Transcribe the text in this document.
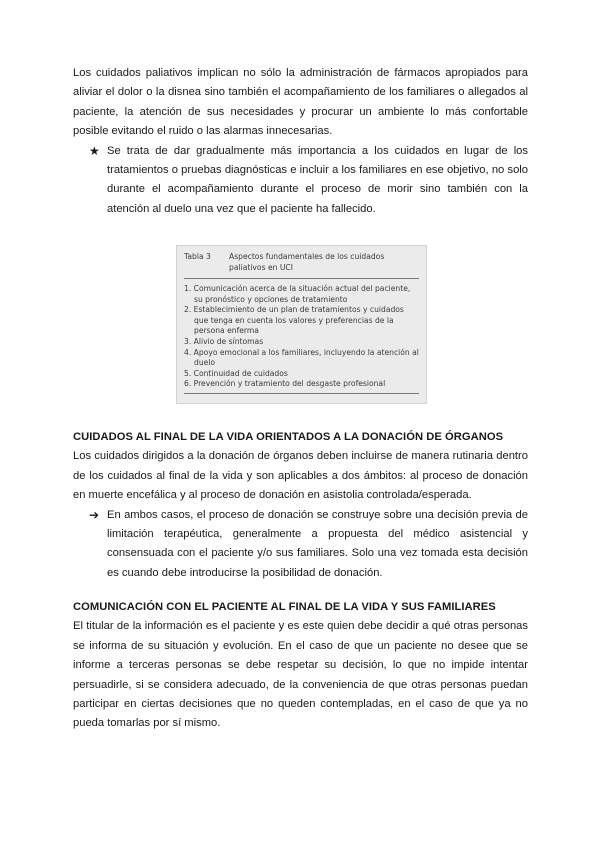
Los cuidados paliativos implican no sólo la administración de fármacos apropiados para aliviar el dolor o la disnea sino también el acompañamiento de los familiares o allegados al paciente, la atención de sus necesidades y procurar un ambiente lo más confortable posible evitando el ruido o las alarmas innecesarias.

★ Se trata de dar gradualmente más importancia a los cuidados en lugar de los tratamientos o pruebas diagnósticas e incluir a los familiares en ese objetivo, no solo durante el acompañamiento durante el proceso de morir sino también con la atención al duelo una vez que el paciente ha fallecido.

Tabla 3	Aspectos fundamentales de los cuidados paliativos en UCI
1. Comunicación acerca de la situación actual del paciente, su pronóstico y opciones de tratamiento
2. Establecimiento de un plan de tratamientos y cuidados que tenga en cuenta los valores y preferencias de la persona enferma
3. Alivio de síntomas
4. Apoyo emocional a los familiares, incluyendo la atención al duelo
5. Continuidad de cuidados
6. Prevención y tratamiento del desgaste profesional
CUIDADOS AL FINAL DE LA VIDA ORIENTADOS A LA DONACIÓN DE ÓRGANOS

Los cuidados dirigidos a la donación de órganos deben incluirse de manera rutinaria dentro de los cuidados al final de la vida y son aplicables a dos ámbitos: al proceso de donación en muerte encefálica y al proceso de donación en asistolia controlada/esperada.

➔ En ambos casos, el proceso de donación se construye sobre una decisión previa de limitación terapéutica, generalmente a propuesta del médico asistencial y consensuada con el paciente y/o sus familiares. Solo una vez tomada esta decisión es cuando debe introducirse la posibilidad de donación.

COMUNICACIÓN CON EL PACIENTE AL FINAL DE LA VIDA Y SUS FAMILIARES

El titular de la información es el paciente y es este quien debe decidir a qué otras personas se informa de su situación y evolución. En el caso de que un paciente no desee que se informe a terceras personas se debe respetar su decisión, lo que no impide intentar persuadirle, si se considera adecuado, de la conveniencia de que otras personas puedan participar en ciertas decisiones que no queden contempladas, en el caso de que ya no pueda tomarlas por sí mismo.
